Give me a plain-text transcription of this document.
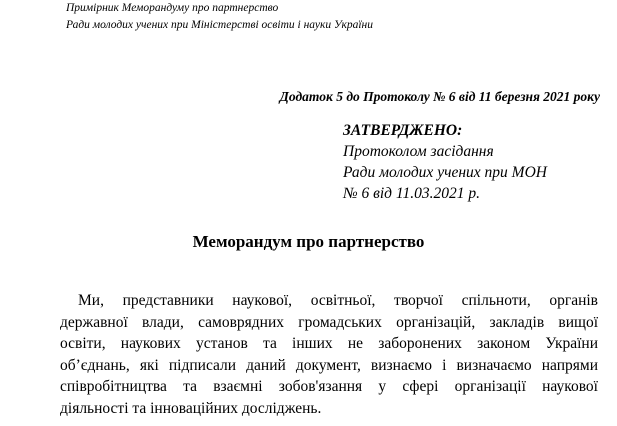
Примірник Меморандуму про партнерство
Ради молодих учених при Міністерстві освіти і науки України
Додаток 5 до Протоколу № 6 від 11 березня 2021 року
ЗАТВЕРДЖЕНО:
Протоколом засідання
Ради молодих учених при МОН
№ 6 від 11.03.2021 р.
Меморандум про партнерство
Ми, представники наукової, освітньої, творчої спільноти, органів
державної влади, самоврядних громадських організацій, закладів вищої
освіти, наукових установ та інших не заборонених законом України
об’єднань, які підписали даний документ, визнаємо і визначаємо напрями
співробітництва та взаємні зобов'язання у сфері організації наукової
діяльності та інноваційних досліджень.
